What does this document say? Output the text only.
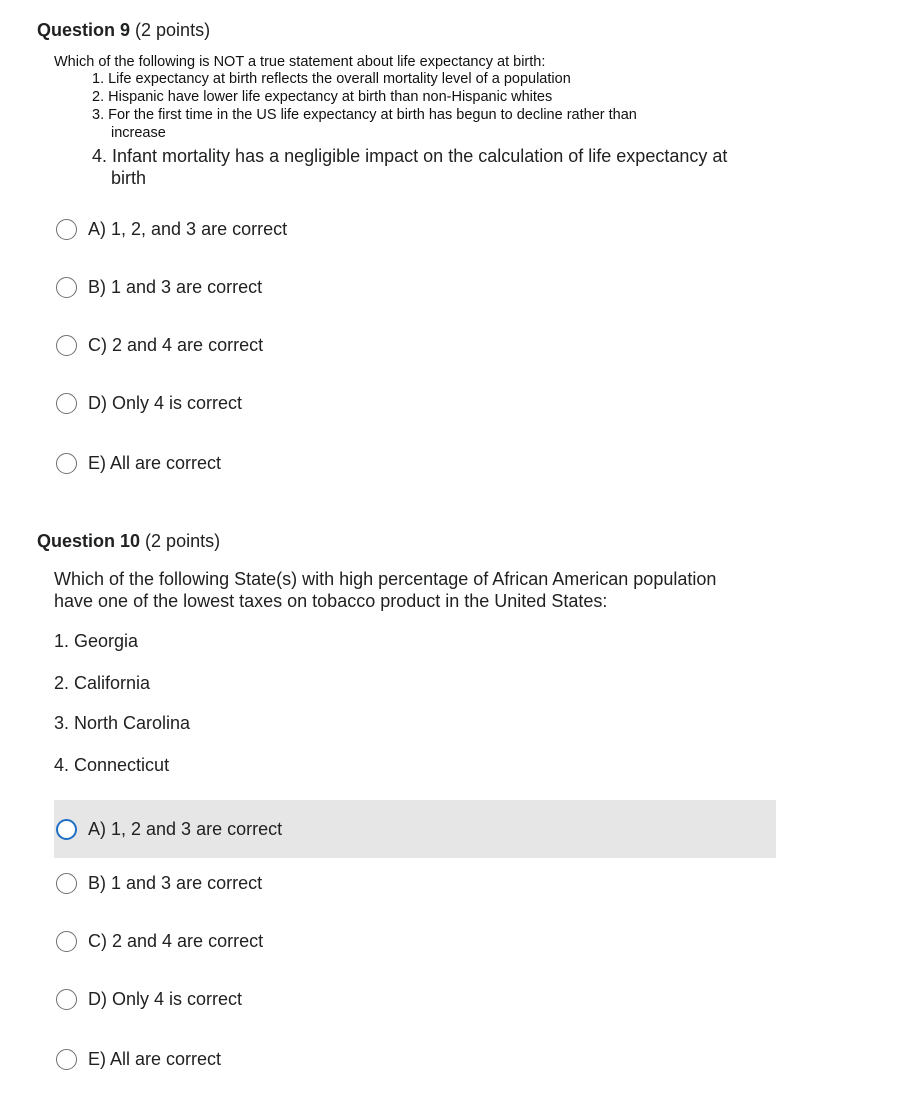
Question 9 (2 points)
Which of the following is NOT a true statement about life expectancy at birth:
1. Life expectancy at birth reflects the overall mortality level of a population
2. Hispanic have lower life expectancy at birth than non-Hispanic whites
3. For the first time in the US life expectancy at birth has begun to decline rather than
increase
4. Infant mortality has a negligible impact on the calculation of life expectancy at
birth
A) 1, 2, and 3 are correct
B) 1 and 3 are correct
C) 2 and 4 are correct
D) Only 4 is correct
E) All are correct
Question 10 (2 points)
Which of the following State(s) with high percentage of African American population
have one of the lowest taxes on tobacco product in the United States:
1. Georgia
2. California
3. North Carolina
4. Connecticut
A) 1, 2 and 3 are correct
B) 1 and 3 are correct
C) 2 and 4 are correct
D) Only 4 is correct
E) All are correct
